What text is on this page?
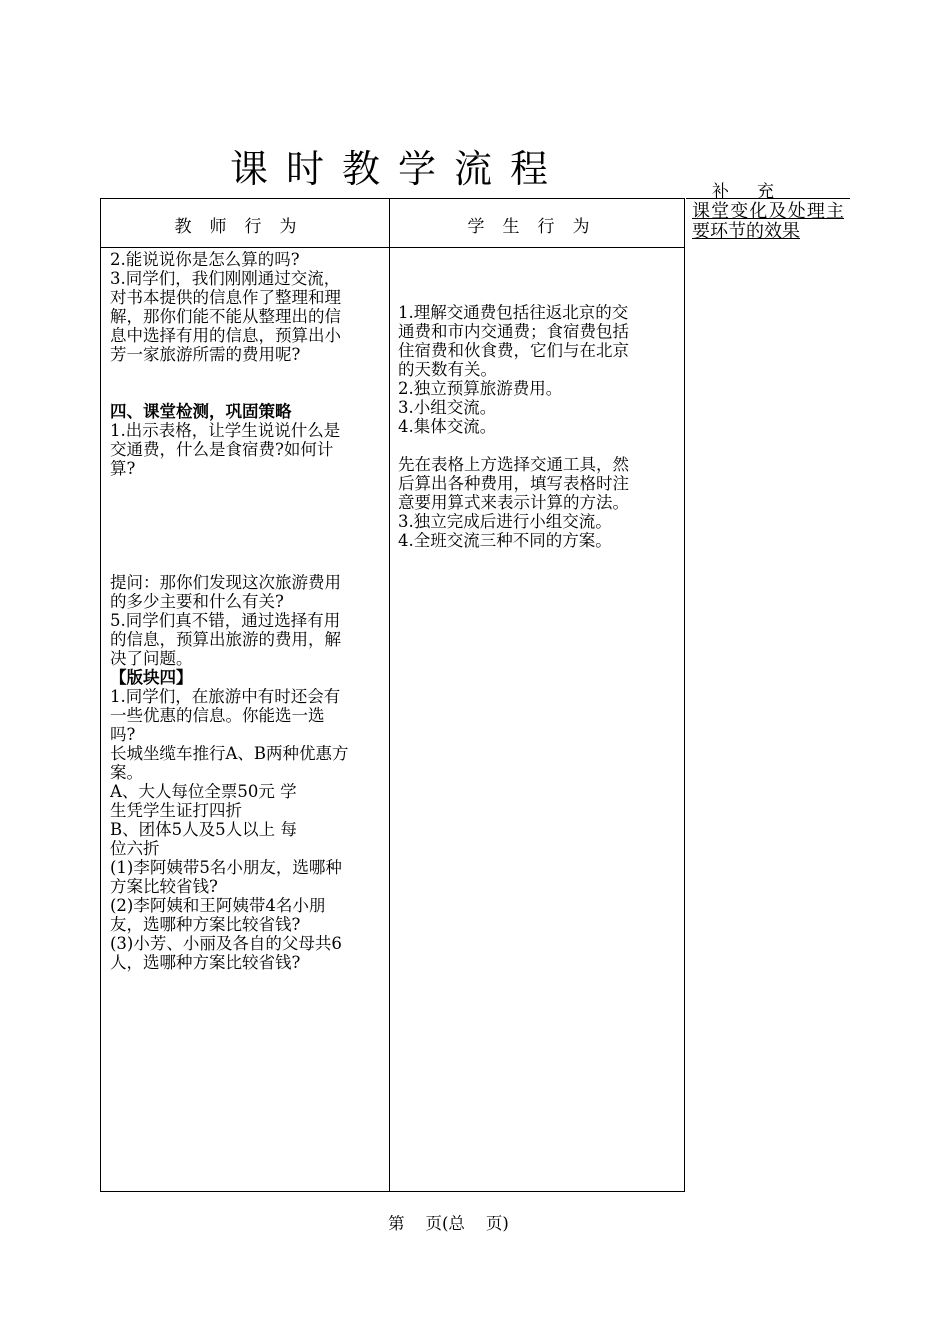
课时教学流程
补充
课堂变化及处理主要环节的效果
教师行为	学生行为
2.能说说你是怎么算的吗?
3.同学们，我们刚刚通过交流，
对书本提供的信息作了整理和理
解，那你们能不能从整理出的信
息中选择有用的信息，预算出小
芳一家旅游所需的费用呢?
四、课堂检测，巩固策略
1.出示表格，让学生说说什么是
交通费，什么是食宿费?如何计
算?
提问：那你们发现这次旅游费用
的多少主要和什么有关?
5.同学们真不错，通过选择有用
的信息，预算出旅游的费用，解
决了问题。
【版块四】
1.同学们，在旅游中有时还会有
一些优惠的信息。你能选一选
吗?
长城坐缆车推行A、B两种优惠方
案。
A、大人每位全票50元 学
生凭学生证打四折
B、团体5人及5人以上 每
位六折
(1)李阿姨带5名小朋友，选哪种
方案比较省钱?
(2)李阿姨和王阿姨带4名小朋
友，选哪种方案比较省钱?
(3)小芳、小丽及各自的父母共6
人，选哪种方案比较省钱?
1.理解交通费包括往返北京的交
通费和市内交通费；食宿费包括
住宿费和伙食费，它们与在北京
的天数有关。
2.独立预算旅游费用。
3.小组交流。
4.集体交流。
先在表格上方选择交通工具，然
后算出各种费用，填写表格时注
意要用算式来表示计算的方法。
3.独立完成后进行小组交流。
4.全班交流三种不同的方案。
第    页(总    页)
